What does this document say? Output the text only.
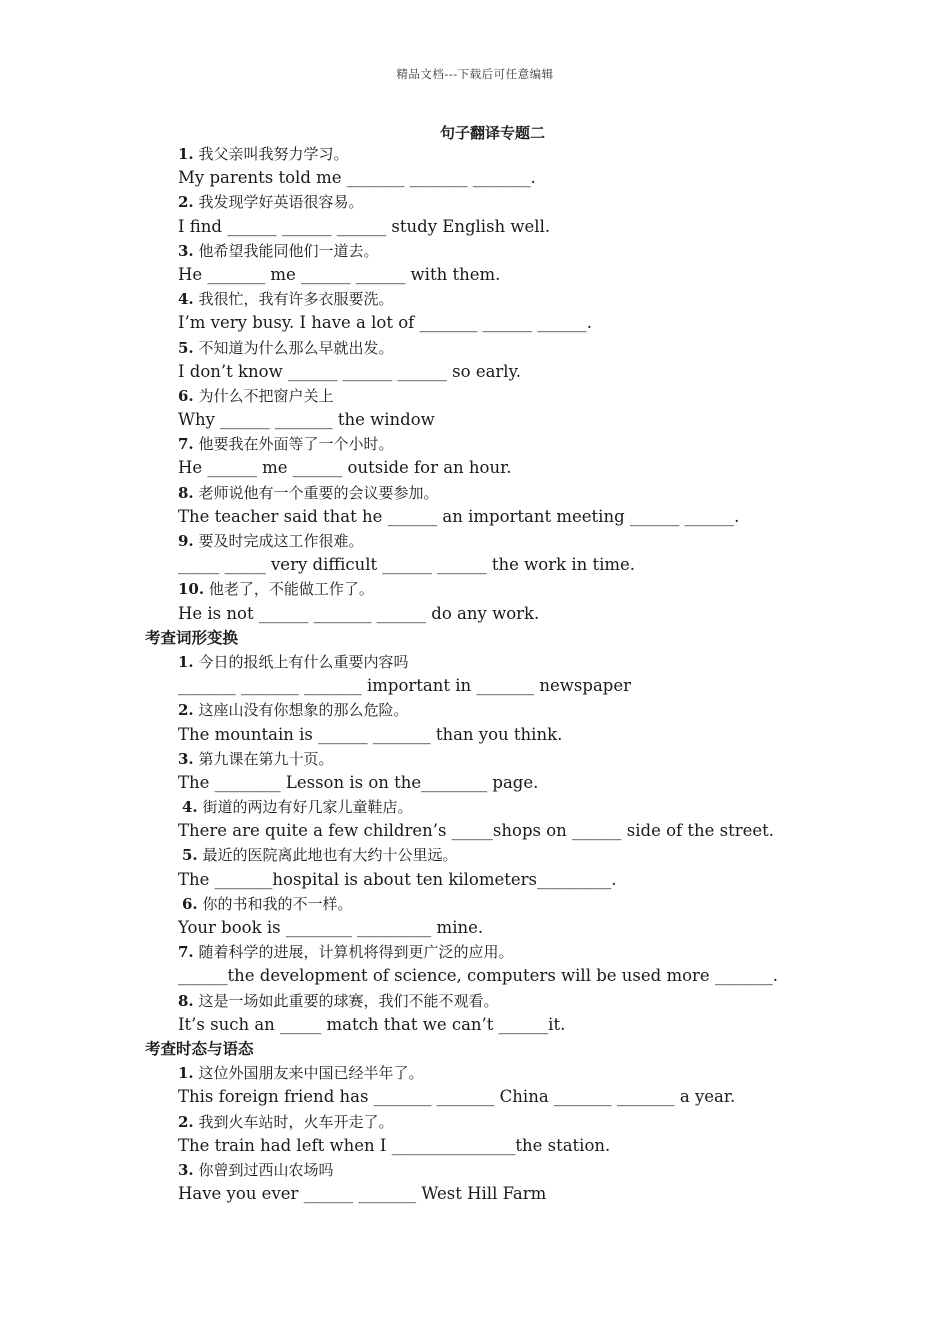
精品文档---下载后可任意编辑
句子翻译专题二
1. 我父亲叫我努力学习。
My parents told me _______ _______ _______.
2. 我发现学好英语很容易。
I find ______ ______ ______ study English well.
3. 他希望我能同他们一道去。
He _______ me ______ ______ with them.
4. 我很忙，我有许多衣服要洗。
I’m very busy. I have a lot of _______ ______ ______.
5. 不知道为什么那么早就出发。
I don’t know ______ ______ ______ so early.
6. 为什么不把窗户关上
Why ______ _______ the window
7. 他要我在外面等了一个小时。
He ______ me ______ outside for an hour.
8. 老师说他有一个重要的会议要参加。
The teacher said that he ______ an important meeting ______ ______.
9. 要及时完成这工作很难。
_____ _____ very difficult ______ ______ the work in time.
10. 他老了，不能做工作了。
He is not ______ _______ ______ do any work.
考查词形变换
1. 今日的报纸上有什么重要内容吗
_______ _______ _______ important in _______ newspaper
2. 这座山没有你想象的那么危险。
The mountain is ______ _______ than you think.
3. 第九课在第九十页。
The ________ Lesson is on the________ page.
4. 街道的两边有好几家儿童鞋店。
There are quite a few children’s _____shops on ______ side of the street.
5. 最近的医院离此地也有大约十公里远。
The _______hospital is about ten kilometers_________.
6. 你的书和我的不一样。
Your book is ________ _________ mine.
7. 随着科学的进展，计算机将得到更广泛的应用。
______the development of science, computers will be used more _______.
8. 这是一场如此重要的球赛，我们不能不观看。
It’s such an _____ match that we can’t ______it.
考查时态与语态
1. 这位外国朋友来中国已经半年了。
This foreign friend has _______ _______ China _______ _______ a year.
2. 我到火车站时，火车开走了。
The train had left when I _______________the station.
3. 你曾到过西山农场吗
Have you ever ______ _______ West Hill Farm
